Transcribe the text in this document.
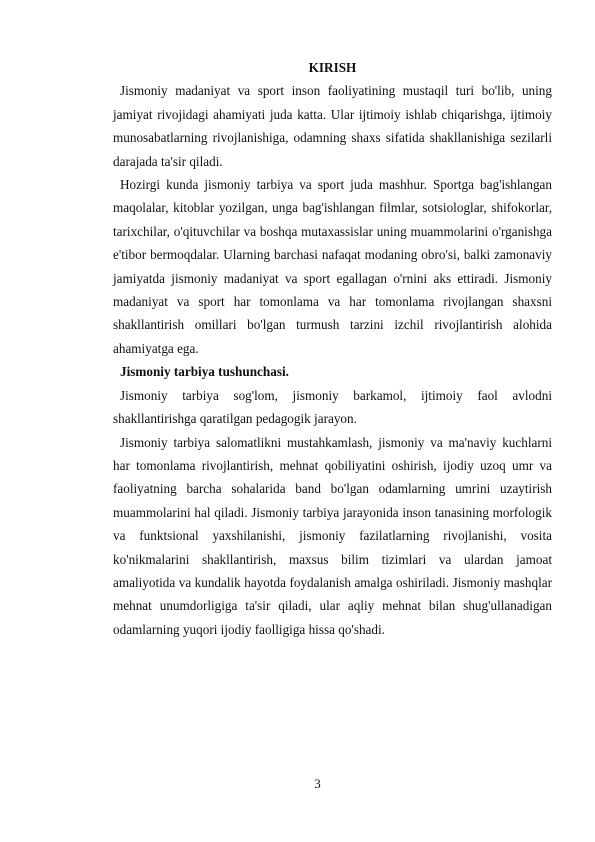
KIRISH

Jismoniy madaniyat va sport inson faoliyatining mustaqil turi bo'lib, uning jamiyat rivojidagi ahamiyati juda katta. Ular ijtimoiy ishlab chiqarishga, ijtimoiy munosabatlarning rivojlanishiga, odamning shaxs sifatida shakllanishiga sezilarli darajada ta'sir qiladi.

Hozirgi kunda jismoniy tarbiya va sport juda mashhur. Sportga bag'ishlangan maqolalar, kitoblar yozilgan, unga bag'ishlangan filmlar, sotsiologlar, shifokorlar, tarixchilar, o'qituvchilar va boshqa mutaxassislar uning muammolarini o'rganishga e'tibor bermoqdalar. Ularning barchasi nafaqat modaning obro'si, balki zamonaviy jamiyatda jismoniy madaniyat va sport egallagan o'rnini aks ettiradi. Jismoniy madaniyat va sport har tomonlama va har tomonlama rivojlangan shaxsni shakllantirish omillari bo'lgan turmush tarzini izchil rivojlantirish alohida ahamiyatga ega.

Jismoniy tarbiya tushunchasi.

Jismoniy tarbiya sog'lom, jismoniy barkamol, ijtimoiy faol avlodni shakllantirishga qaratilgan pedagogik jarayon.

Jismoniy tarbiya salomatlikni mustahkamlash, jismoniy va ma'naviy kuchlarni har tomonlama rivojlantirish, mehnat qobiliyatini oshirish, ijodiy uzoq umr va faoliyatning barcha sohalarida band bo'lgan odamlarning umrini uzaytirish muammolarini hal qiladi. Jismoniy tarbiya jarayonida inson tanasining morfologik va funktsional yaxshilanishi, jismoniy fazilatlarning rivojlanishi, vosita ko'nikmalarini shakllantirish, maxsus bilim tizimlari va ulardan jamoat amaliyotida va kundalik hayotda foydalanish amalga oshiriladi. Jismoniy mashqlar mehnat unumdorligiga ta'sir qiladi, ular aqliy mehnat bilan shug'ullanadigan odamlarning yuqori ijodiy faolligiga hissa qo'shadi.

3
